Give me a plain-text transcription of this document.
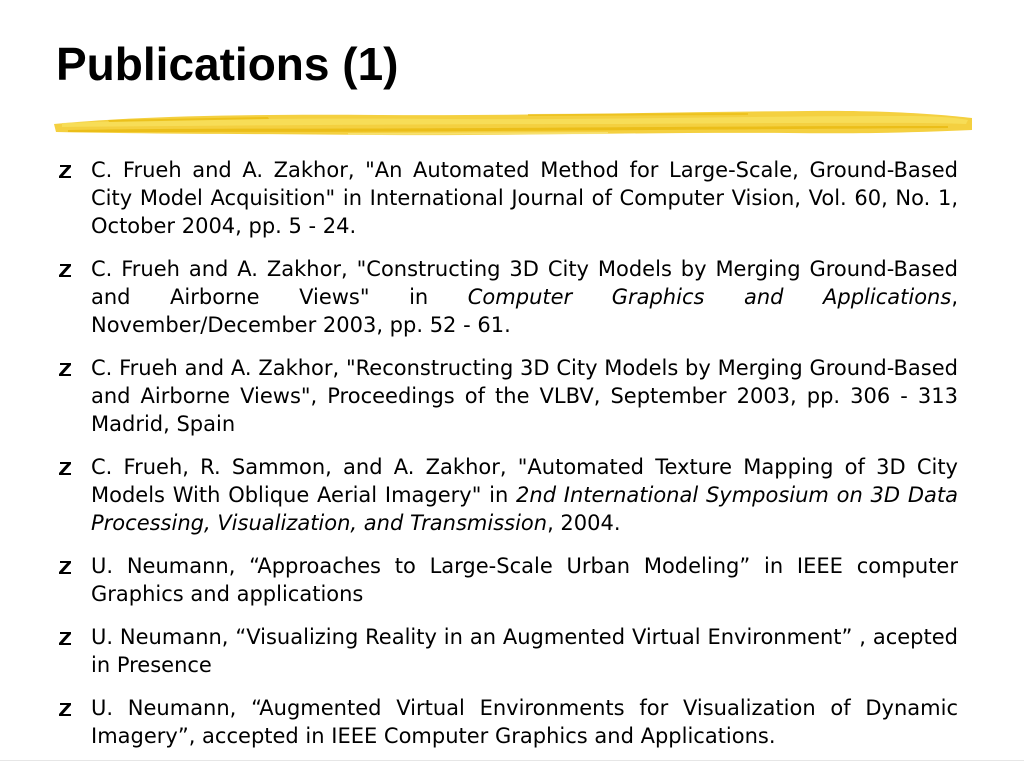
Publications (1)
C. Frueh and A. Zakhor, "An Automated Method for Large-Scale, Ground-Based City Model Acquisition" in International Journal of Computer Vision, Vol. 60, No. 1, October 2004, pp. 5 - 24.
C. Frueh and A. Zakhor, "Constructing 3D City Models by Merging Ground-Based and Airborne Views" in Computer Graphics and Applications, November/December 2003, pp. 52 - 61.
C. Frueh and A. Zakhor, "Reconstructing 3D City Models by Merging Ground-Based and Airborne Views", Proceedings of the VLBV, September 2003, pp. 306 - 313 Madrid, Spain
C. Frueh, R. Sammon, and A. Zakhor, "Automated Texture Mapping of 3D City Models With Oblique Aerial Imagery" in 2nd International Symposium on 3D Data Processing, Visualization, and Transmission, 2004.
U. Neumann, “Approaches to Large-Scale Urban Modeling” in IEEE computer Graphics and applications
U. Neumann, “Visualizing Reality in an Augmented Virtual Environment” , acepted in Presence
U. Neumann, “Augmented Virtual Environments for Visualization of Dynamic Imagery”, accepted in IEEE Computer Graphics and Applications.
